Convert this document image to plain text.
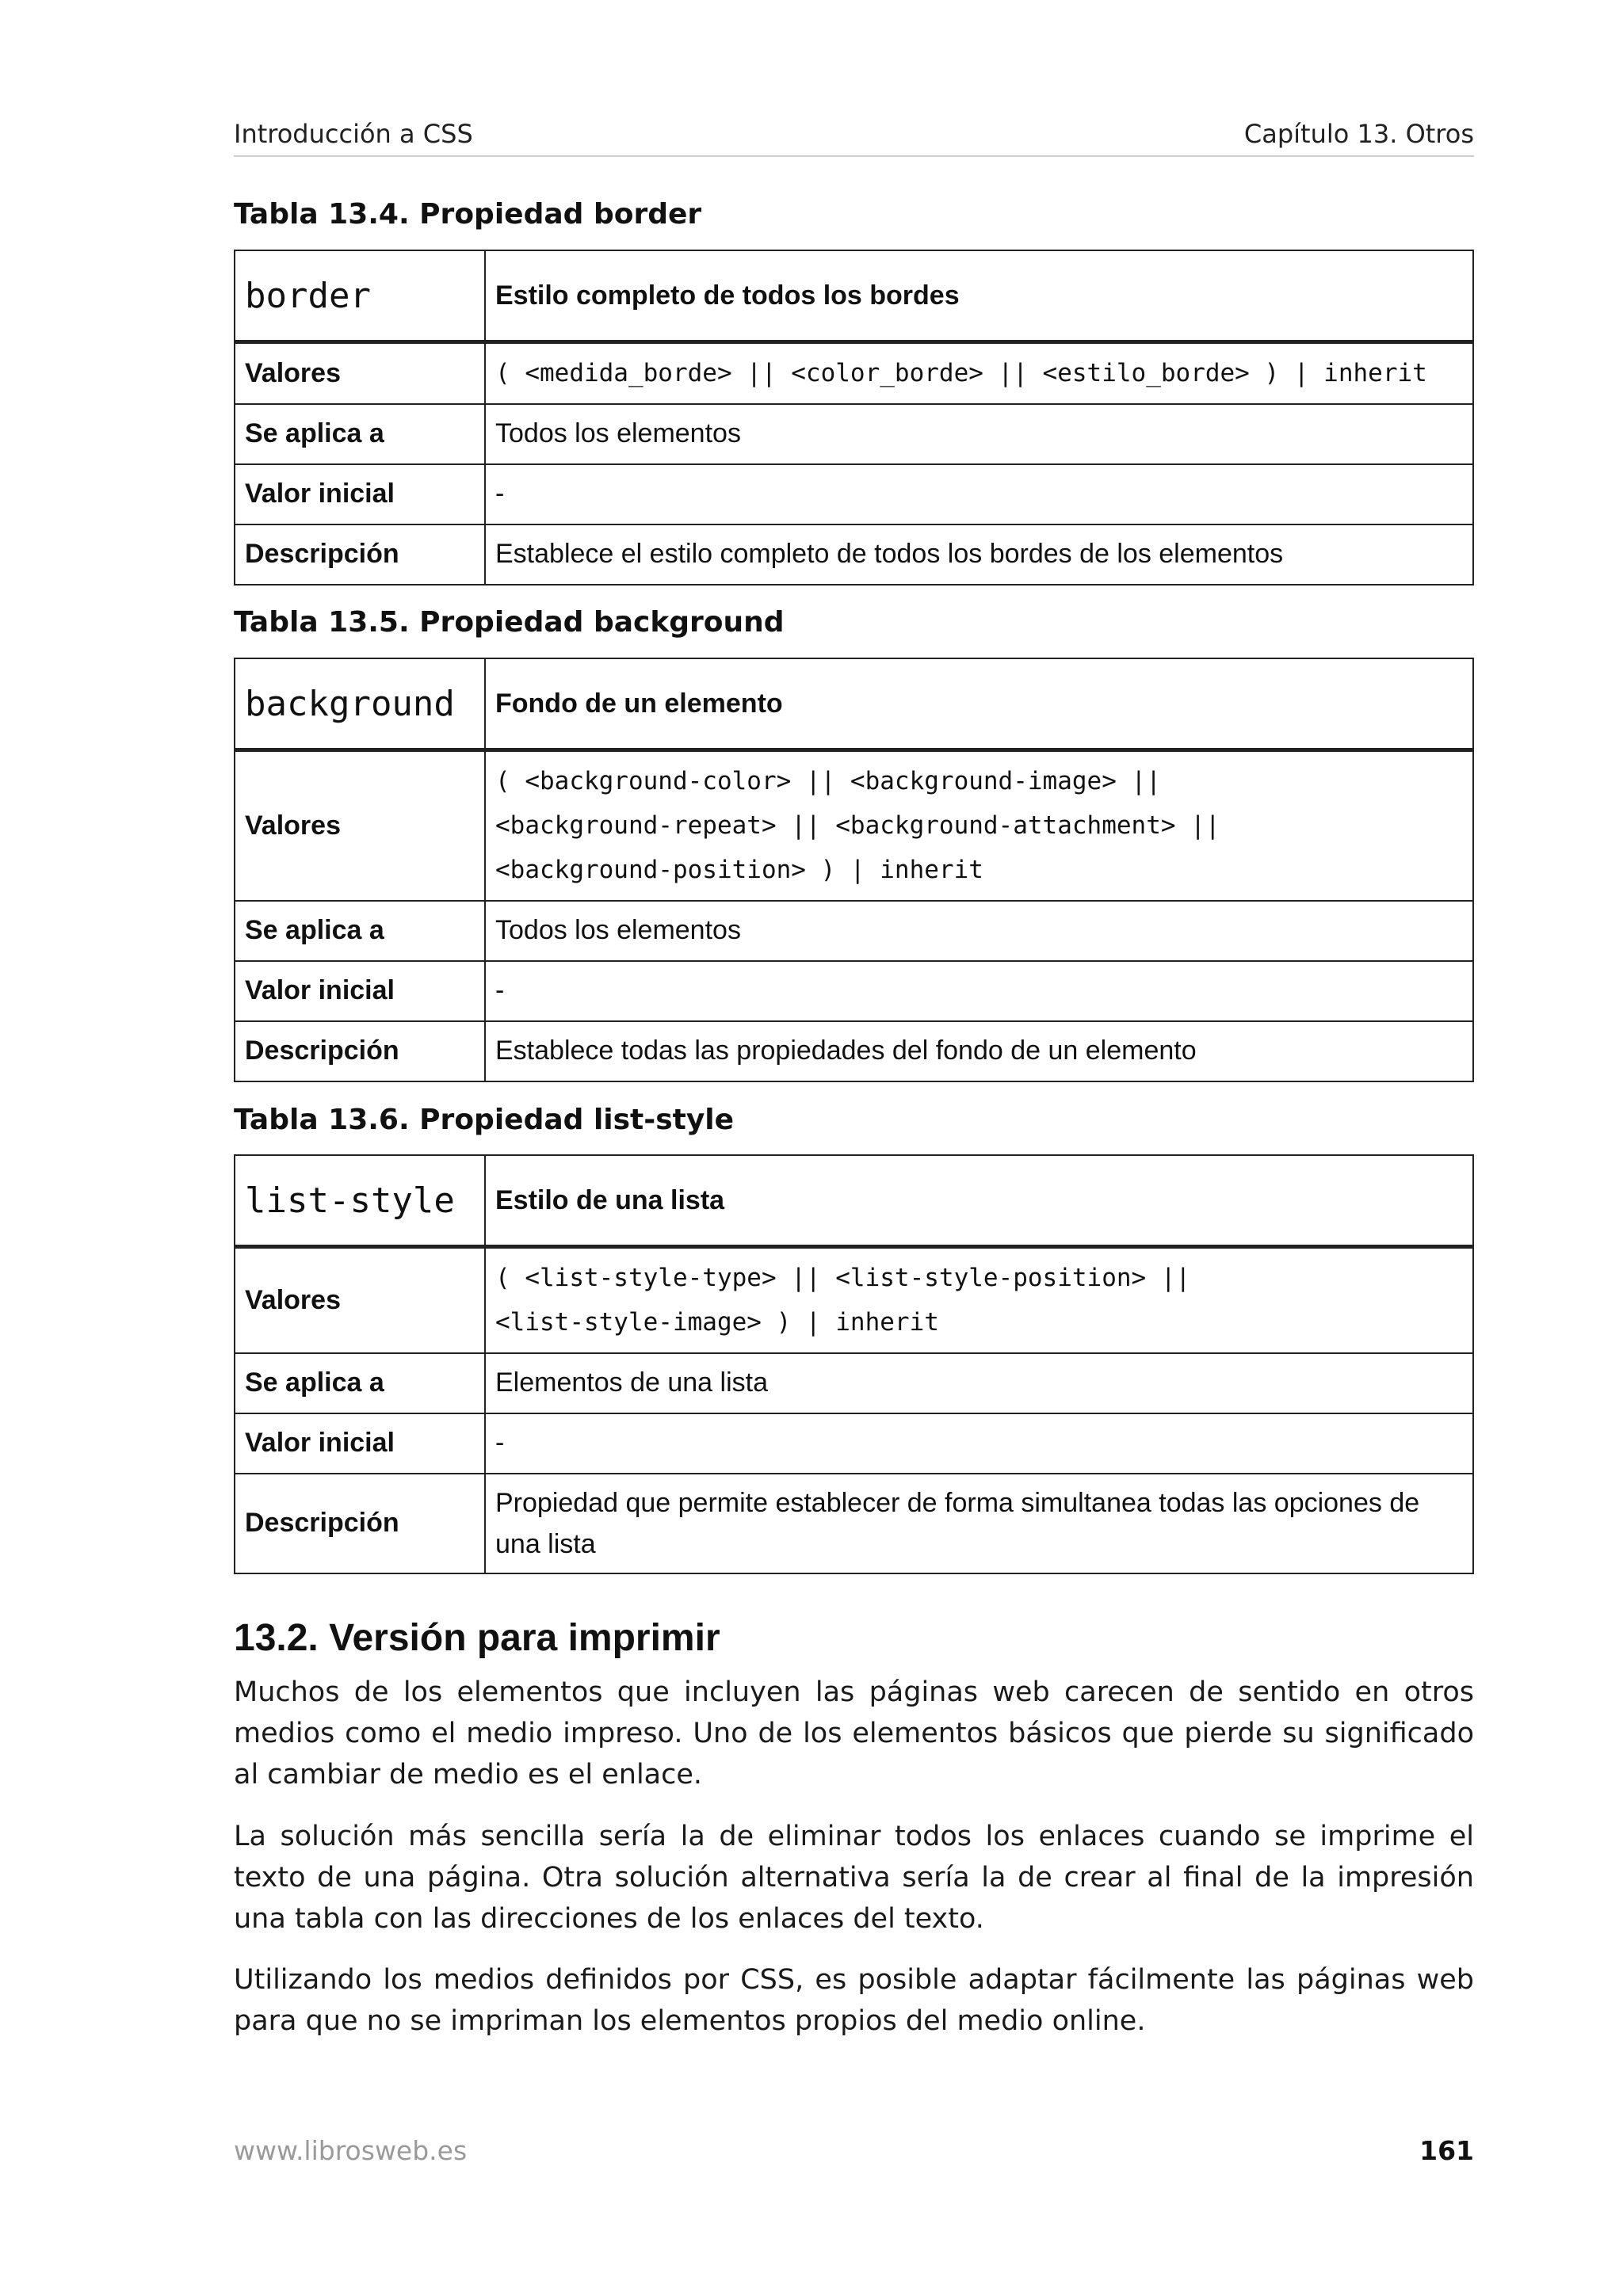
Introducción a CSS	Capítulo 13. Otros
Tabla 13.4. Propiedad border
border	Estilo completo de todos los bordes
Valores	( <medida_borde> || <color_borde> || <estilo_borde> ) | inherit
Se aplica a	Todos los elementos
Valor inicial	-
Descripción	Establece el estilo completo de todos los bordes de los elementos
Tabla 13.5. Propiedad background
background	Fondo de un elemento
Valores	( <background-color> || <background-image> ||
<background-repeat> || <background-attachment> ||
<background-position> ) | inherit

Se aplica a	Todos los elementos
Valor inicial	-
Descripción	Establece todas las propiedades del fondo de un elemento
Tabla 13.6. Propiedad list-style
list-style	Estilo de una lista
Valores	( <list-style-type> || <list-style-position> ||
<list-style-image> ) | inherit

Se aplica a	Elementos de una lista
Valor inicial	-
Descripción	Propiedad que permite establecer de forma simultanea todas las opciones de una lista
13.2. Versión para imprimir

Muchos de los elementos que incluyen las páginas web carecen de sentido en otros medios como el medio impreso. Uno de los elementos básicos que pierde su significado al cambiar de medio es el enlace.

La solución más sencilla sería la de eliminar todos los enlaces cuando se imprime el texto de una página. Otra solución alternativa sería la de crear al final de la impresión una tabla con las direcciones de los enlaces del texto.

Utilizando los medios definidos por CSS, es posible adaptar fácilmente las páginas web para que no se impriman los elementos propios del medio online.

www.librosweb.es	161
